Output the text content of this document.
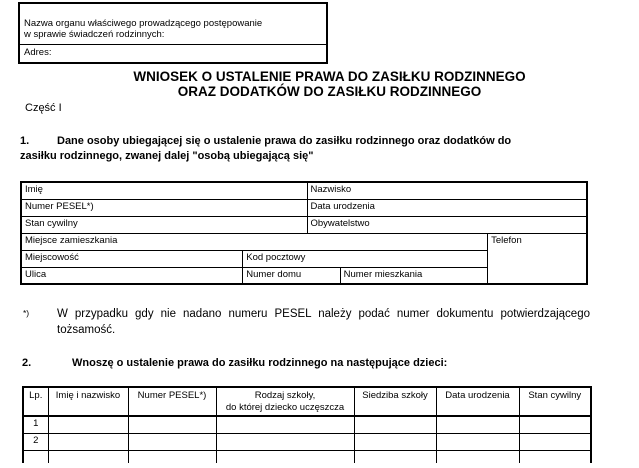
Nazwa organu właściwego prowadzącego postępowanie
w sprawie świadczeń rodzinnych:

Adres:
WNIOSEK O USTALENIE PRAWA DO ZASIŁKU RODZINNEGO
ORAZ DODATKÓW DO ZASIŁKU RODZINNEGO
Część I
1.	Dane osoby ubiegającej się o ustalenie prawa do zasiłku rodzinnego oraz dodatków do
zasiłku rodzinnego, zwanej dalej "osobą ubiegającą się"
Imię		Nazwisko		
Numer PESEL*)		Data urodzenia		
Stan cywilny		Obywatelstwo		
Miejsce zamieszkania				Telefon
Miejscowość	Kod pocztowy			
Ulica	Numer domu		Numer mieszkania	
*) W przypadku gdy nie nadano numeru PESEL należy podać numer dokumentu potwierdzającego
tożsamość.
2.	Wnoszę o ustalenie prawa do zasiłku rodzinnego na następujące dzieci:
Lp.	Imię i nazwisko	Numer PESEL*)	Rodzaj szkoły,
do której dziecko uczęszcza	Siedziba szkoły	Data urodzenia	Stan cywilny
1						
2						
